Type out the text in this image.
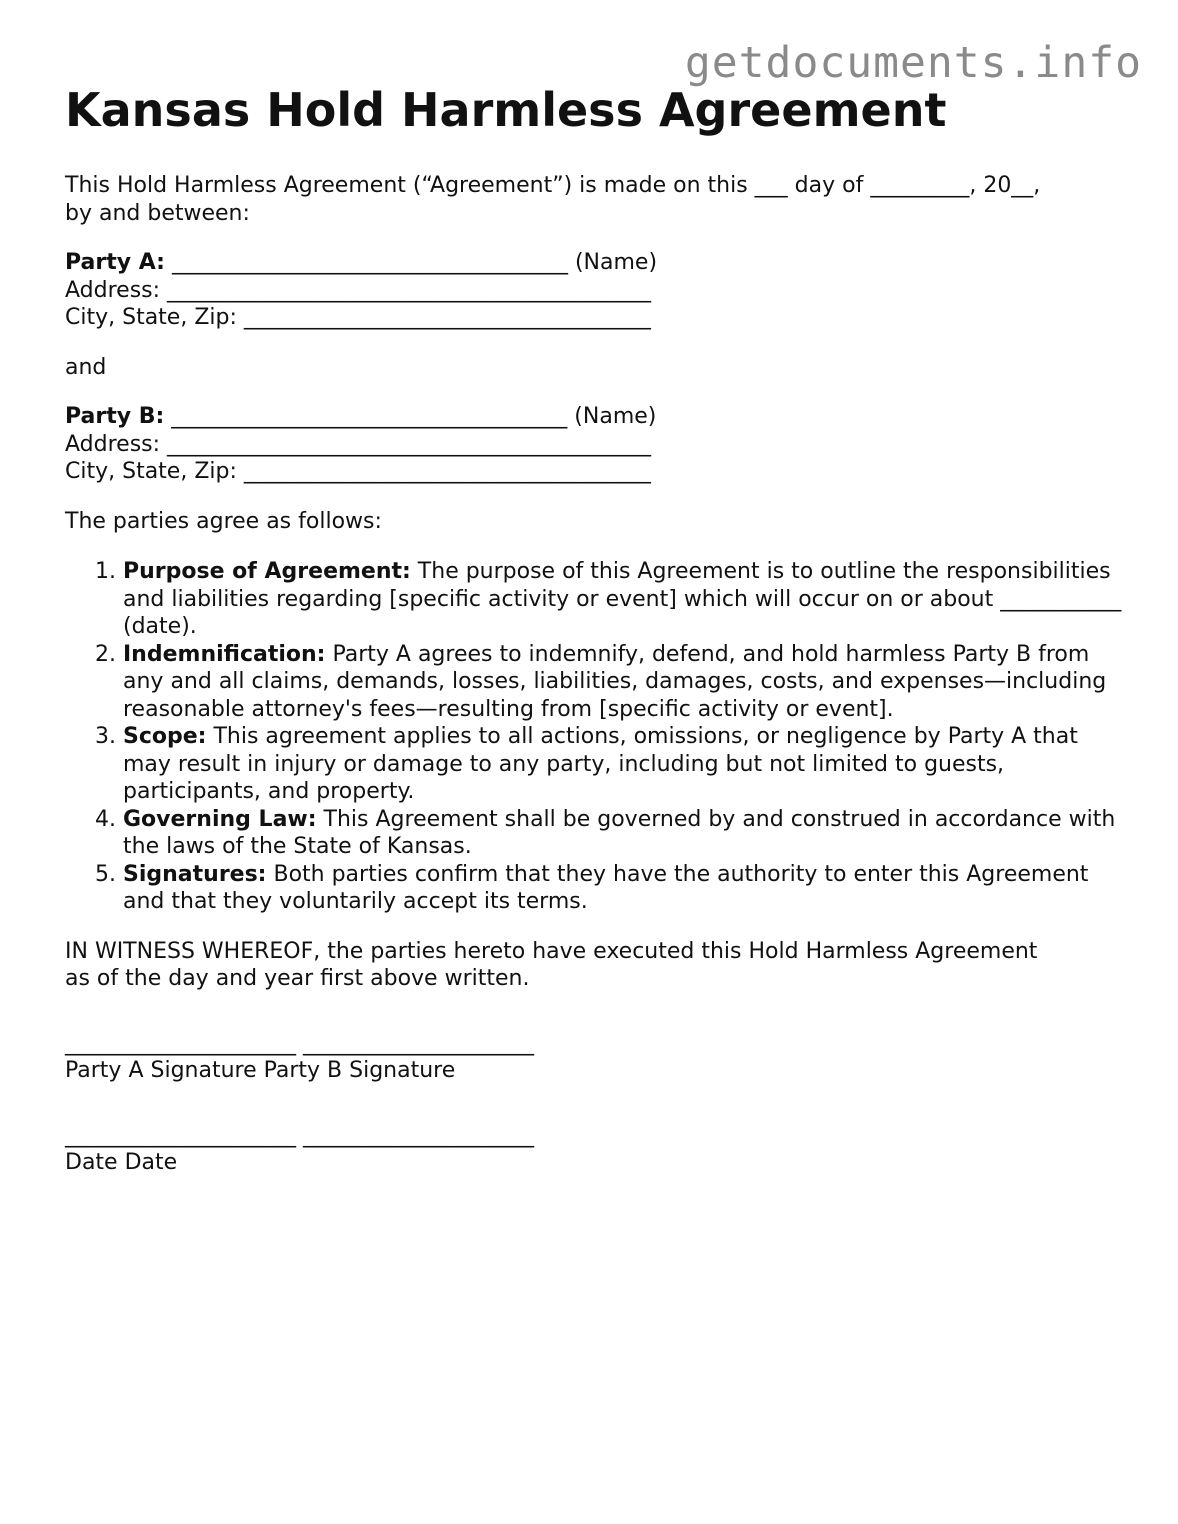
getdocuments.info
Kansas Hold Harmless Agreement
This Hold Harmless Agreement (“Agreement”) is made on this ___ day of _________, 20__,
by and between:
Party A: ____________________________________ (Name)
Address: ____________________________________________
City, State, Zip: _____________________________________
and
Party B: ____________________________________ (Name)
Address: ____________________________________________
City, State, Zip: _____________________________________
The parties agree as follows:
1. Purpose of Agreement: The purpose of this Agreement is to outline the responsibilities and liabilities regarding [specific activity or event] which will occur on or about ___________ (date).
2. Indemnification: Party A agrees to indemnify, defend, and hold harmless Party B from any and all claims, demands, losses, liabilities, damages, costs, and expenses—including reasonable attorney's fees—resulting from [specific activity or event].
3. Scope: This agreement applies to all actions, omissions, or negligence by Party A that may result in injury or damage to any party, including but not limited to guests, participants, and property.
4. Governing Law: This Agreement shall be governed by and construed in accordance with the laws of the State of Kansas.
5. Signatures: Both parties confirm that they have the authority to enter this Agreement and that they voluntarily accept its terms.
IN WITNESS WHEREOF, the parties hereto have executed this Hold Harmless Agreement
as of the day and year first above written.
_____________________ _____________________
Party A Signature Party B Signature
_____________________ _____________________
Date Date
